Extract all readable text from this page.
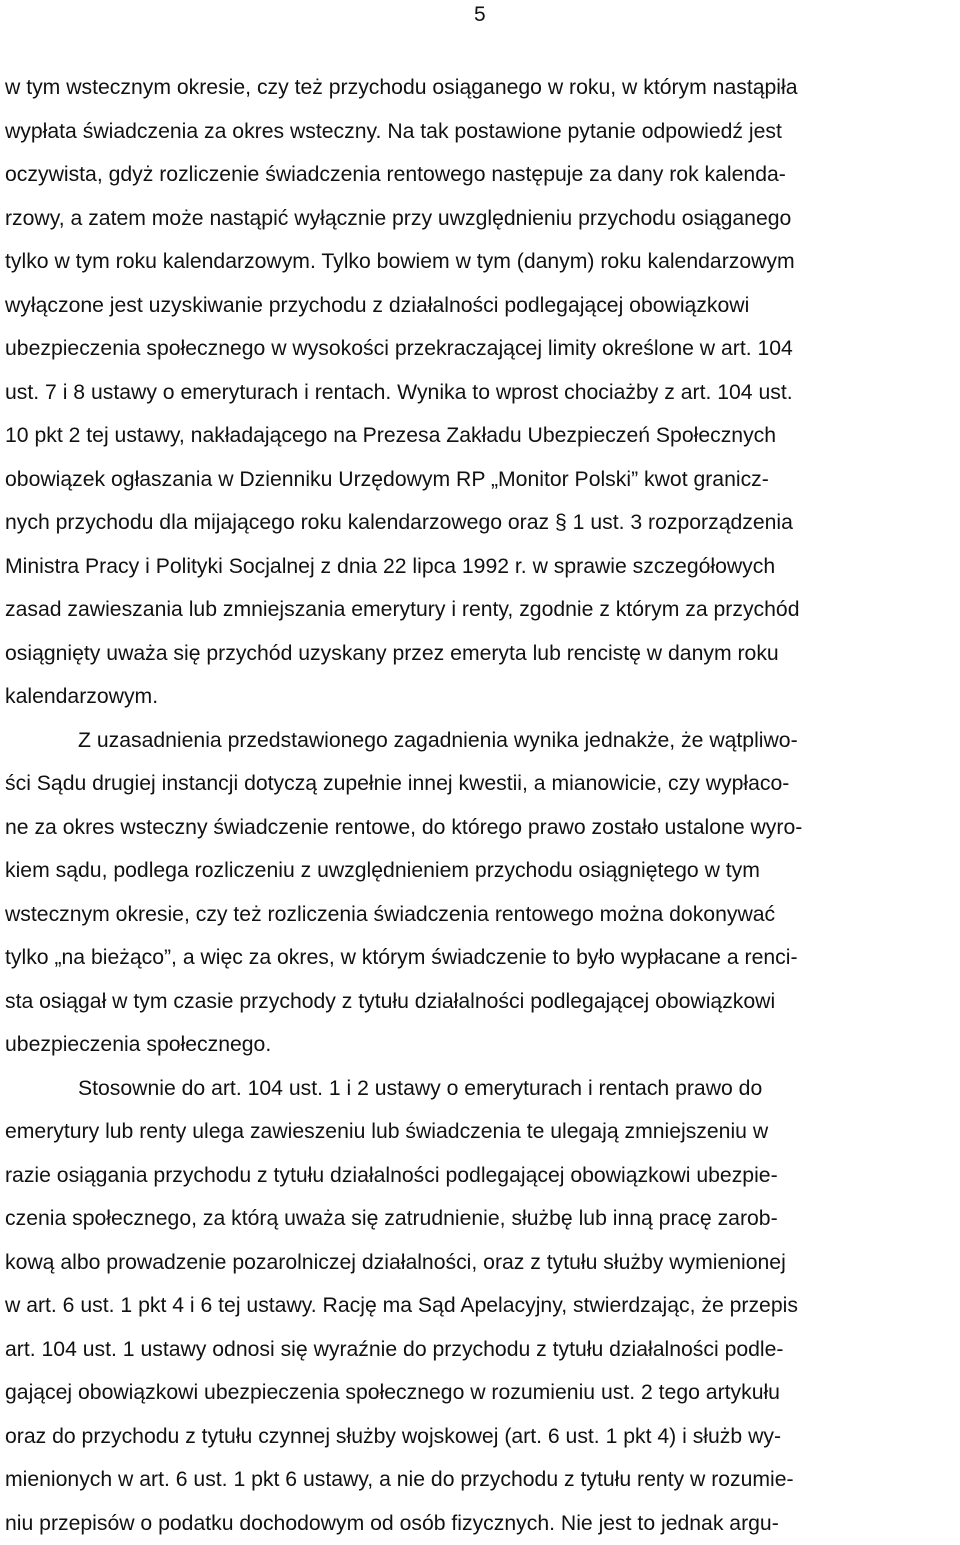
5
w tym wstecznym okresie, czy też przychodu osiąganego w roku, w którym nastąpiła
wypłata świadczenia za okres wsteczny. Na tak postawione pytanie odpowiedź jest
oczywista, gdyż rozliczenie świadczenia rentowego następuje za dany rok kalenda-
rzowy, a zatem może nastąpić wyłącznie przy uwzględnieniu przychodu osiąganego
tylko w tym roku kalendarzowym. Tylko bowiem w tym (danym) roku kalendarzowym
wyłączone jest uzyskiwanie przychodu z działalności podlegającej obowiązkowi
ubezpieczenia społecznego w wysokości przekraczającej limity określone w art. 104
ust. 7 i 8 ustawy o emeryturach i rentach. Wynika to wprost chociażby z art. 104 ust.
10 pkt 2 tej ustawy, nakładającego na Prezesa Zakładu Ubezpieczeń Społecznych
obowiązek ogłaszania w Dzienniku Urzędowym RP „Monitor Polski” kwot granicz-
nych przychodu dla mijającego roku kalendarzowego oraz § 1 ust. 3 rozporządzenia
Ministra Pracy i Polityki Socjalnej z dnia 22 lipca 1992 r. w sprawie szczegółowych
zasad zawieszania lub zmniejszania emerytury i renty, zgodnie z którym za przychód
osiągnięty uważa się przychód uzyskany przez emeryta lub rencistę w danym roku
kalendarzowym.
Z uzasadnienia przedstawionego zagadnienia wynika jednakże, że wątpliwo-
ści Sądu drugiej instancji dotyczą zupełnie innej kwestii, a mianowicie, czy wypłaco-
ne za okres wsteczny świadczenie rentowe, do którego prawo zostało ustalone wyro-
kiem sądu, podlega rozliczeniu z uwzględnieniem przychodu osiągniętego w tym
wstecznym okresie, czy też rozliczenia świadczenia rentowego można dokonywać
tylko „na bieżąco”, a więc za okres, w którym świadczenie to było wypłacane a renci-
sta osiągał w tym czasie przychody z tytułu działalności podlegającej obowiązkowi
ubezpieczenia społecznego.
Stosownie do art. 104 ust. 1 i 2 ustawy o emeryturach i rentach prawo do
emerytury lub renty ulega zawieszeniu lub świadczenia te ulegają zmniejszeniu w
razie osiągania przychodu z tytułu działalności podlegającej obowiązkowi ubezpie-
czenia społecznego, za którą uważa się zatrudnienie, służbę lub inną pracę zarob-
kową albo prowadzenie pozarolniczej działalności, oraz z tytułu służby wymienionej
w art. 6 ust. 1 pkt 4 i 6 tej ustawy. Rację ma Sąd Apelacyjny, stwierdzając, że przepis
art. 104 ust. 1 ustawy odnosi się wyraźnie do przychodu z tytułu działalności podle-
gającej obowiązkowi ubezpieczenia społecznego w rozumieniu ust. 2 tego artykułu
oraz do przychodu z tytułu czynnej służby wojskowej (art. 6 ust. 1 pkt 4) i służb wy-
mienionych w art. 6 ust. 1 pkt 6 ustawy, a nie do przychodu z tytułu renty w rozumie-
niu przepisów o podatku dochodowym od osób fizycznych. Nie jest to jednak argu-
